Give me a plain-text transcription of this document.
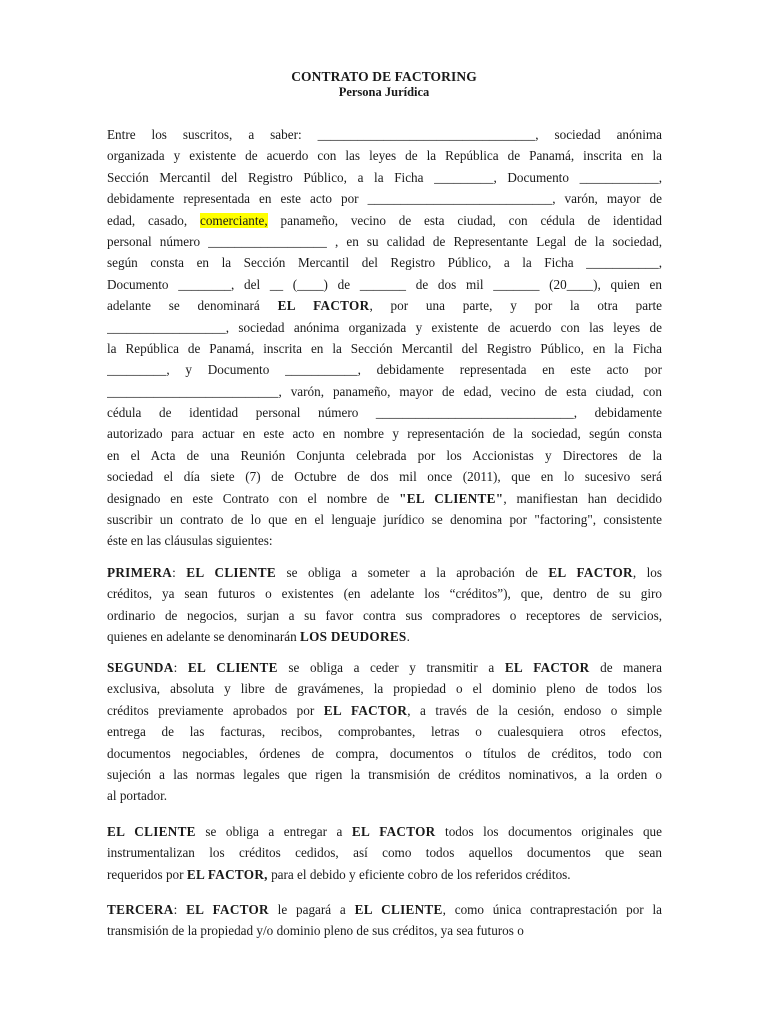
CONTRATO DE FACTORING
Persona Jurídica
Entre los suscritos, a saber: _________________________________, sociedad anónima
organizada y existente de acuerdo con las leyes de la República de Panamá, inscrita en la
Sección Mercantil del Registro Público, a la Ficha _________, Documento ____________,
debidamente representada en este acto por ____________________________, varón, mayor de
edad, casado, comerciante, panameño, vecino de esta ciudad, con cédula de identidad
personal número __________________ , en su calidad de Representante Legal de la sociedad,
según consta en la Sección Mercantil del Registro Público, a la Ficha ___________,
Documento ________, del __ (____) de _______ de dos mil _______ (20____), quien en
adelante se denominará EL FACTOR, por una parte, y por la otra parte
__________________, sociedad anónima organizada y existente de acuerdo con las leyes de
la República de Panamá, inscrita en la Sección Mercantil del Registro Público, en la Ficha
_________, y Documento ___________, debidamente representada en este acto por
__________________________, varón, panameño, mayor de edad, vecino de esta ciudad, con
cédula de identidad personal número ______________________________, debidamente
autorizado para actuar en este acto en nombre y representación de la sociedad, según consta
en el Acta de una Reunión Conjunta celebrada por los Accionistas y Directores de la
sociedad el día siete (7) de Octubre de dos mil once (2011), que en lo sucesivo será
designado en este Contrato con el nombre de "EL CLIENTE", manifiestan han decidido
suscribir un contrato de lo que en el lenguaje jurídico se denomina por "factoring", consistente
éste en las cláusulas siguientes:
PRIMERA: EL CLIENTE se obliga a someter a la aprobación de EL FACTOR, los
créditos, ya sean futuros o existentes (en adelante los “créditos”), que, dentro de su giro
ordinario de negocios, surjan a su favor contra sus compradores o receptores de servicios,
quienes en adelante se denominarán LOS DEUDORES.
SEGUNDA: EL CLIENTE se obliga a ceder y transmitir a EL FACTOR de manera
exclusiva, absoluta y libre de gravámenes, la propiedad o el dominio pleno de todos los
créditos previamente aprobados por EL FACTOR, a través de la cesión, endoso o simple
entrega de las facturas, recibos, comprobantes, letras o cualesquiera otros efectos,
documentos negociables, órdenes de compra, documentos o títulos de créditos, todo con
sujeción a las normas legales que rigen la transmisión de créditos nominativos, a la orden o
al portador.
EL CLIENTE se obliga a entregar a EL FACTOR todos los documentos originales que
instrumentalizan los créditos cedidos, así como todos aquellos documentos que sean
requeridos por EL FACTOR, para el debido y eficiente cobro de los referidos créditos.
TERCERA: EL FACTOR le pagará a EL CLIENTE, como única contraprestación por la
transmisión de la propiedad y/o dominio pleno de sus créditos, ya sea futuros o
